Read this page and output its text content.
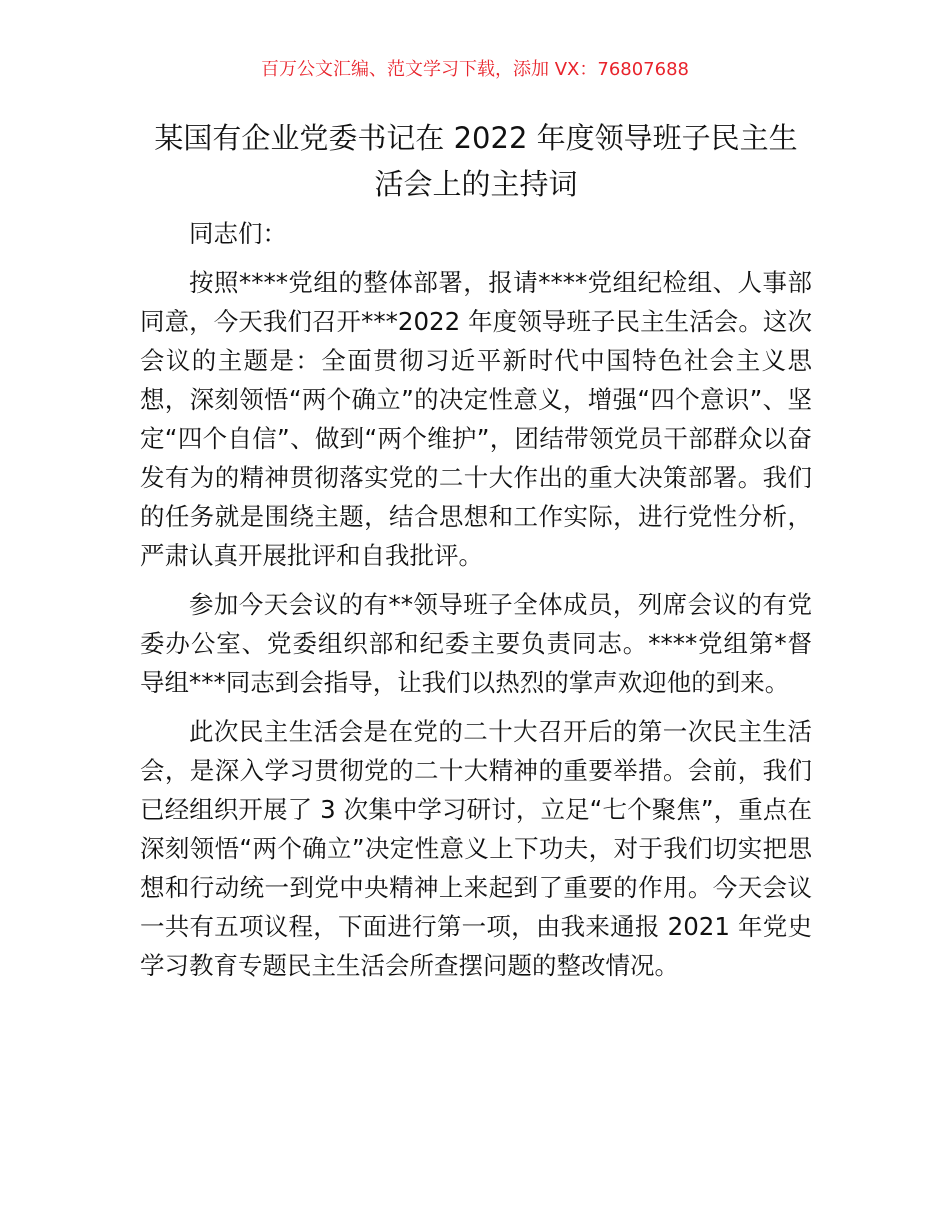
百万公文汇编、范文学习下载，添加 VX：76807688
某国有企业党委书记在 2022 年度领导班子民主生活会上的主持词

同志们：

按照****党组的整体部署，报请****党组纪检组、人事部同意，今天我们召开***2022 年度领导班子民主生活会。这次会议的主题是：全面贯彻习近平新时代中国特色社会主义思想，深刻领悟“两个确立”的决定性意义，增强“四个意识”、坚定“四个自信”、做到“两个维护”，团结带领党员干部群众以奋发有为的精神贯彻落实党的二十大作出的重大决策部署。我们的任务就是围绕主题，结合思想和工作实际，进行党性分析，严肃认真开展批评和自我批评。

参加今天会议的有**领导班子全体成员，列席会议的有党委办公室、党委组织部和纪委主要负责同志。****党组第*督导组***同志到会指导，让我们以热烈的掌声欢迎他的到来。

此次民主生活会是在党的二十大召开后的第一次民主生活会，是深入学习贯彻党的二十大精神的重要举措。会前，我们已经组织开展了 3 次集中学习研讨，立足“七个聚焦”，重点在深刻领悟“两个确立”决定性意义上下功夫，对于我们切实把思想和行动统一到党中央精神上来起到了重要的作用。今天会议一共有五项议程，下面进行第一项，由我来通报 2021 年党史学习教育专题民主生活会所查摆问题的整改情况。
